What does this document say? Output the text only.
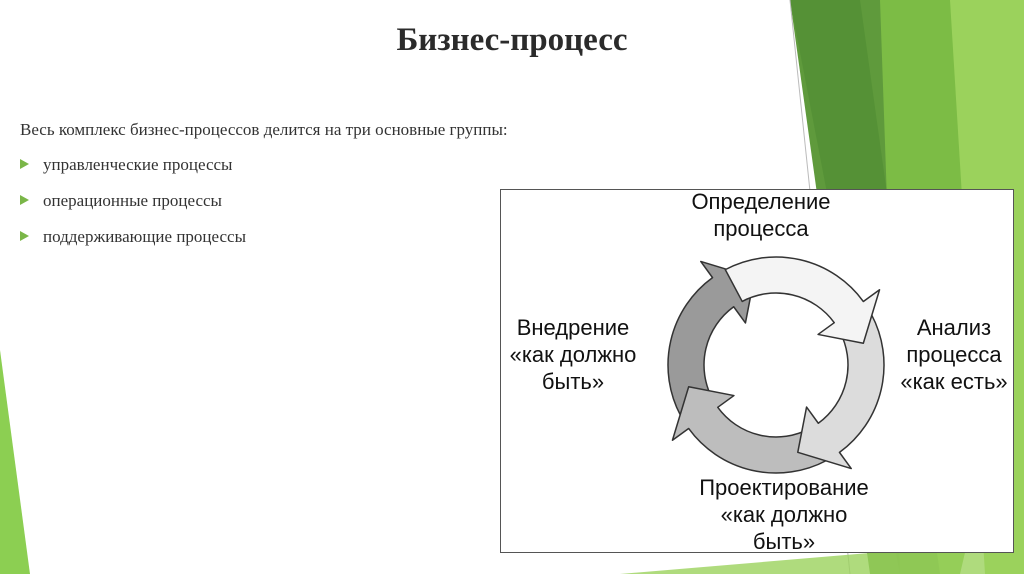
Бизнес-процесс
Весь комплекс бизнес-процессов делится на три основные группы:
управленческие процессы
операционные процессы
поддерживающие процессы
Определение
процесса
Анализ
процесса
«как есть»
Проектирование
«как должно
быть»
Внедрение
«как должно
быть»
